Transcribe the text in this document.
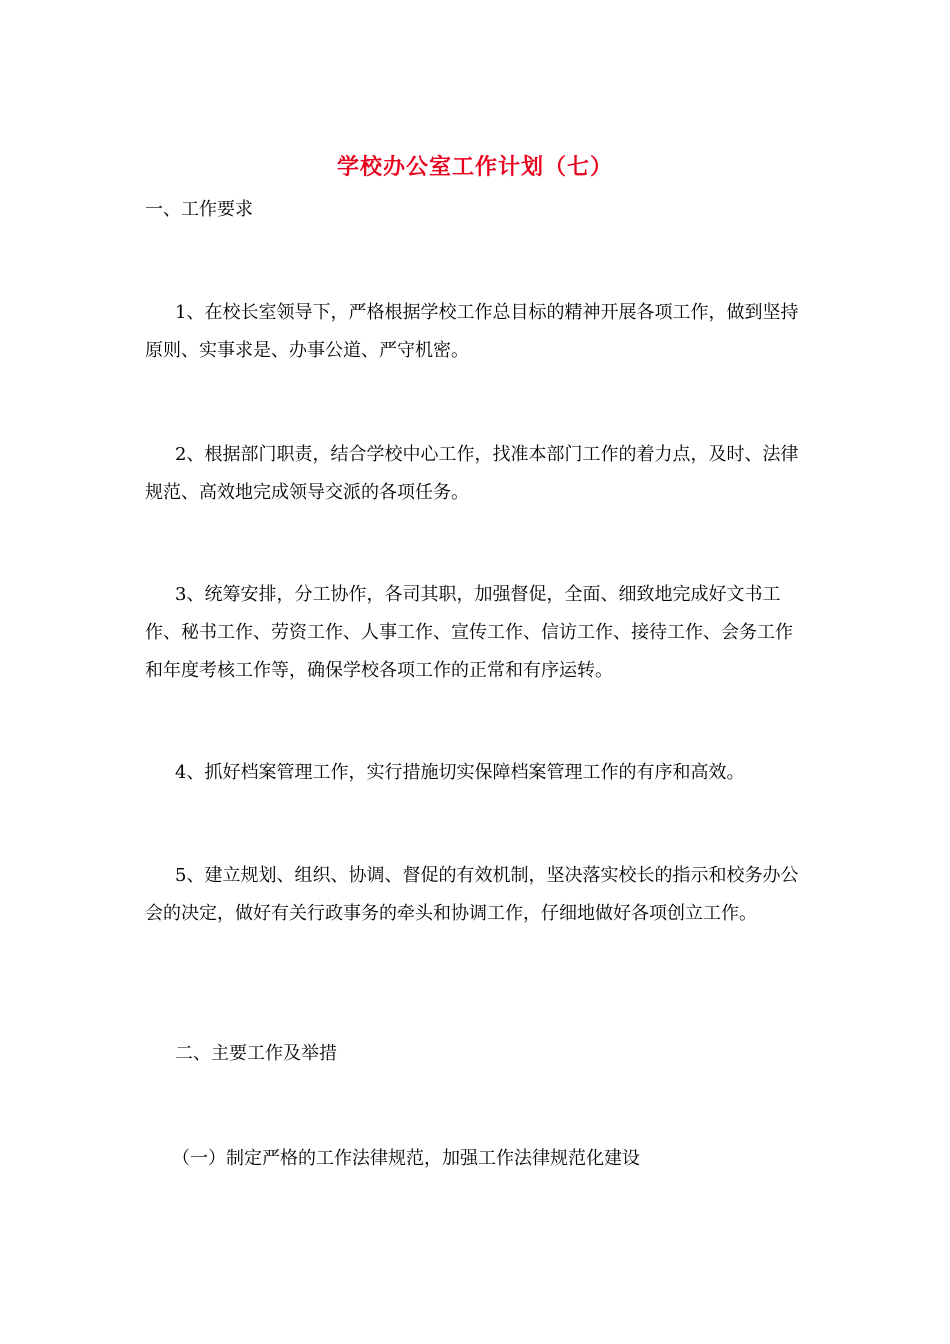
学校办公室工作计划（七）

一、工作要求

1、在校长室领导下，严格根据学校工作总目标的精神开展各项工作，做到坚持原则、实事求是、办事公道、严守机密。

2、根据部门职责，结合学校中心工作，找准本部门工作的着力点，及时、法律规范、高效地完成领导交派的各项任务。

3、统筹安排，分工协作，各司其职，加强督促，全面、细致地完成好文书工作、秘书工作、劳资工作、人事工作、宣传工作、信访工作、接待工作、会务工作和年度考核工作等，确保学校各项工作的正常和有序运转。

4、抓好档案管理工作，实行措施切实保障档案管理工作的有序和高效。

5、建立规划、组织、协调、督促的有效机制，坚决落实校长的指示和校务办公会的决定，做好有关行政事务的牵头和协调工作，仔细地做好各项创立工作。

二、主要工作及举措

（一）制定严格的工作法律规范，加强工作法律规范化建设
